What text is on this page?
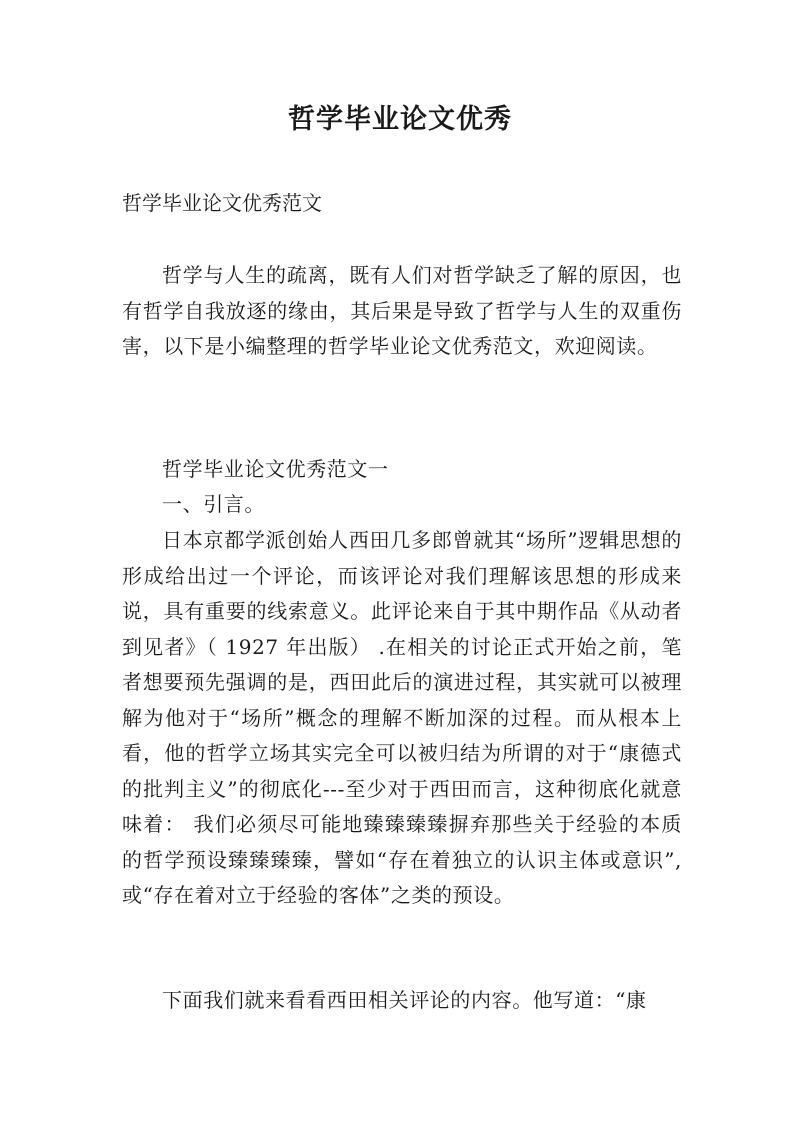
哲学毕业论文优秀

哲学毕业论文优秀范文

哲学与人生的疏离，既有人们对哲学缺乏了解的原因，也有哲学自我放逐的缘由，其后果是导致了哲学与人生的双重伤害，以下是小编整理的哲学毕业论文优秀范文，欢迎阅读。

哲学毕业论文优秀范文一

一、引言。

日本京都学派创始人西田几多郎曾就其“场所”逻辑思想的形成给出过一个评论，而该评论对我们理解该思想的形成来说，具有重要的线索意义。此评论来自于其中期作品《从动者到见者》（ 1927 年出版） .在相关的讨论正式开始之前，笔者想要预先强调的是，西田此后的演进过程，其实就可以被理解为他对于“场所”概念的理解不断加深的过程。而从根本上看，他的哲学立场其实完全可以被归结为所谓的对于“康德式的批判主义”的彻底化---至少对于西田而言，这种彻底化就意味着： 我们必须尽可能地臻臻臻臻摒弃那些关于经验的本质的哲学预设臻臻臻臻，譬如“存在着独立的认识主体或意识”,或“存在着对立于经验的客体”之类的预设。

下面我们就来看看西田相关评论的内容。他写道：“康
